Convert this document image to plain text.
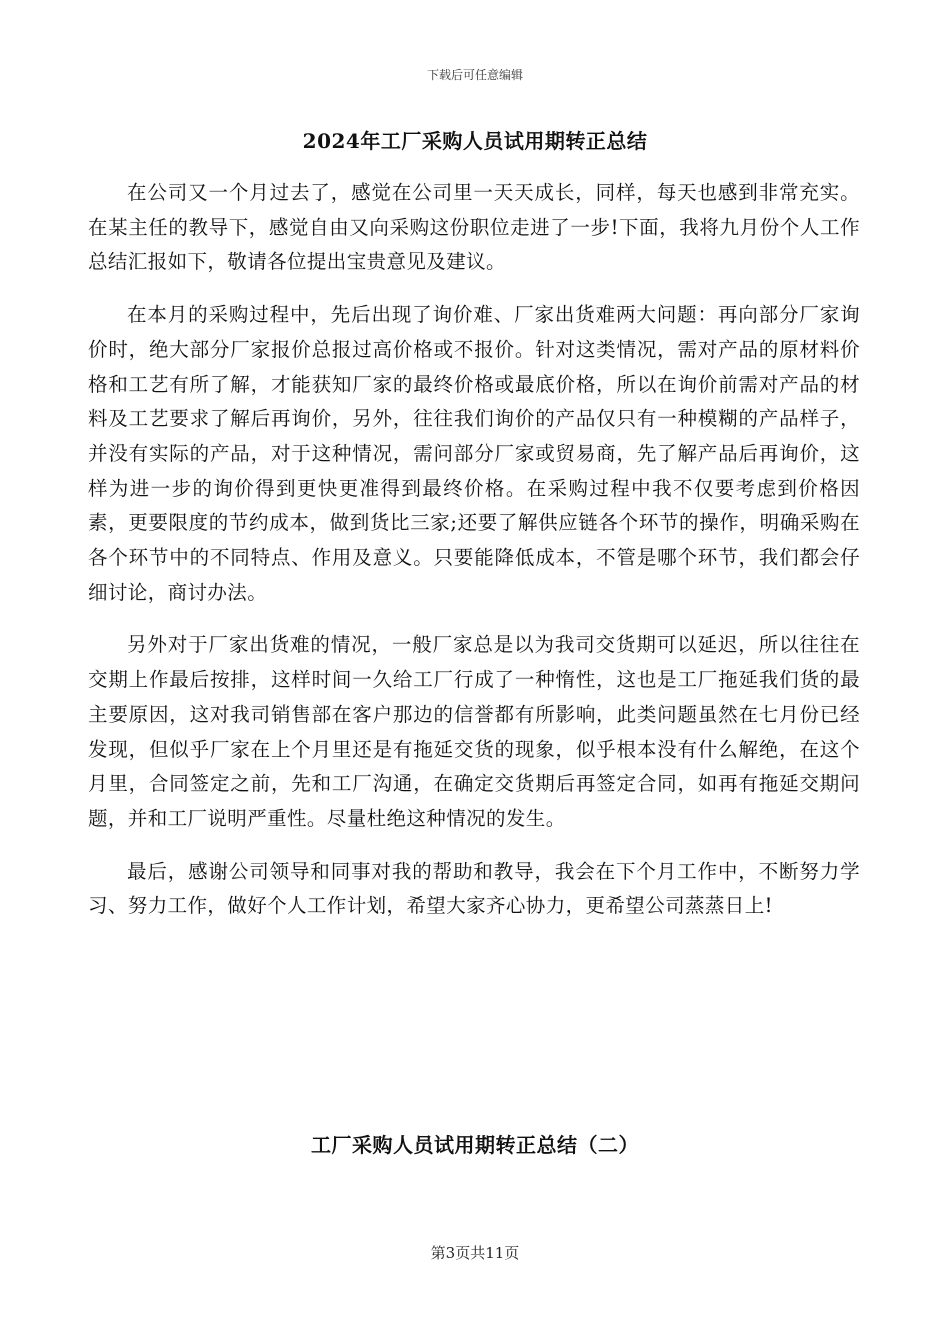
下载后可任意编辑
2024年工厂采购人员试用期转正总结

在公司又一个月过去了，感觉在公司里一天天成长，同样，每天也感到非常充实。在某主任的教导下，感觉自由又向采购这份职位走进了一步!下面，我将九月份个人工作总结汇报如下，敬请各位提出宝贵意见及建议。

在本月的采购过程中，先后出现了询价难、厂家出货难两大问题：再向部分厂家询价时，绝大部分厂家报价总报过高价格或不报价。针对这类情况，需对产品的原材料价格和工艺有所了解，才能获知厂家的最终价格或最底价格，所以在询价前需对产品的材料及工艺要求了解后再询价，另外，往往我们询价的产品仅只有一种模糊的产品样子，并没有实际的产品，对于这种情况，需问部分厂家或贸易商，先了解产品后再询价，这样为进一步的询价得到更快更准得到最终价格。在采购过程中我不仅要考虑到价格因素，更要限度的节约成本，做到货比三家;还要了解供应链各个环节的操作，明确采购在各个环节中的不同特点、作用及意义。只要能降低成本，不管是哪个环节，我们都会仔细讨论，商讨办法。

另外对于厂家出货难的情况，一般厂家总是以为我司交货期可以延迟，所以往往在交期上作最后按排，这样时间一久给工厂行成了一种惰性，这也是工厂拖延我们货的最主要原因，这对我司销售部在客户那边的信誉都有所影响，此类问题虽然在七月份已经发现，但似乎厂家在上个月里还是有拖延交货的现象，似乎根本没有什么解绝，在这个月里，合同签定之前，先和工厂沟通，在确定交货期后再签定合同，如再有拖延交期问题，并和工厂说明严重性。尽量杜绝这种情况的发生。

最后，感谢公司领导和同事对我的帮助和教导，我会在下个月工作中，不断努力学习、努力工作，做好个人工作计划，希望大家齐心协力，更希望公司蒸蒸日上!

工厂采购人员试用期转正总结（二）
第3页共11页
